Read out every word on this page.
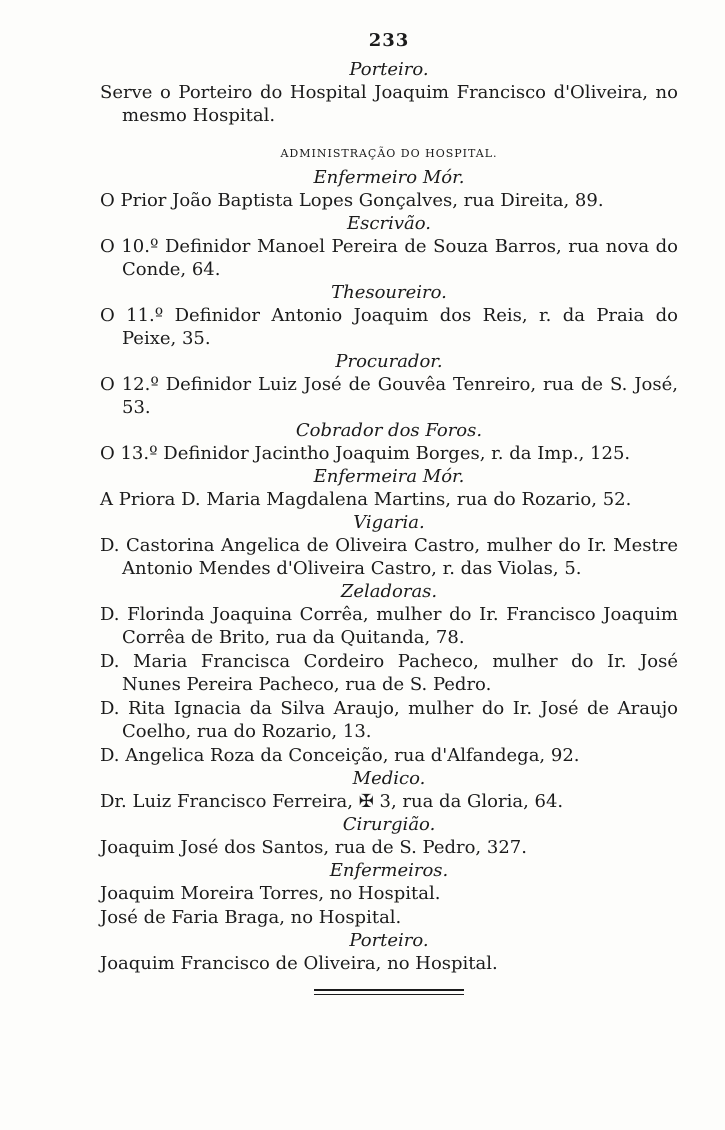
233
Porteiro.
Serve o Porteiro do Hospital Joaquim Francisco d'Oliveira, no mesmo Hospital.
ADMINISTRAÇÃO DO HOSPITAL.
Enfermeiro Mór.
O Prior João Baptista Lopes Gonçalves, rua Direita, 89.
Escrivão.
O 10.º Definidor Manoel Pereira de Souza Barros, rua nova do Conde, 64.
Thesoureiro.
O 11.º Definidor Antonio Joaquim dos Reis, r. da Praia do Peixe, 35.
Procurador.
O 12.º Definidor Luiz José de Gouvêa Tenreiro, rua de S. José, 53.
Cobrador dos Foros.
O 13.º Definidor Jacintho Joaquim Borges, r. da Imp., 125.
Enfermeira Mór.
A Priora D. Maria Magdalena Martins, rua do Rozario, 52.
Vigaria.
D. Castorina Angelica de Oliveira Castro, mulher do Ir. Mestre Antonio Mendes d'Oliveira Castro, r. das Violas, 5.
Zeladoras.
D. Florinda Joaquina Corrêa, mulher do Ir. Francisco Joaquim Corrêa de Brito, rua da Quitanda, 78.
D. Maria Francisca Cordeiro Pacheco, mulher do Ir. José Nunes Pereira Pacheco, rua de S. Pedro.
D. Rita Ignacia da Silva Araujo, mulher do Ir. José de Araujo Coelho, rua do Rozario, 13.
D. Angelica Roza da Conceição, rua d'Alfandega, 92.
Medico.
Dr. Luiz Francisco Ferreira, ✠ 3, rua da Gloria, 64.
Cirurgião.
Joaquim José dos Santos, rua de S. Pedro, 327.
Enfermeiros.
Joaquim Moreira Torres, no Hospital.
José de Faria Braga, no Hospital.
Porteiro.
Joaquim Francisco de Oliveira, no Hospital.
